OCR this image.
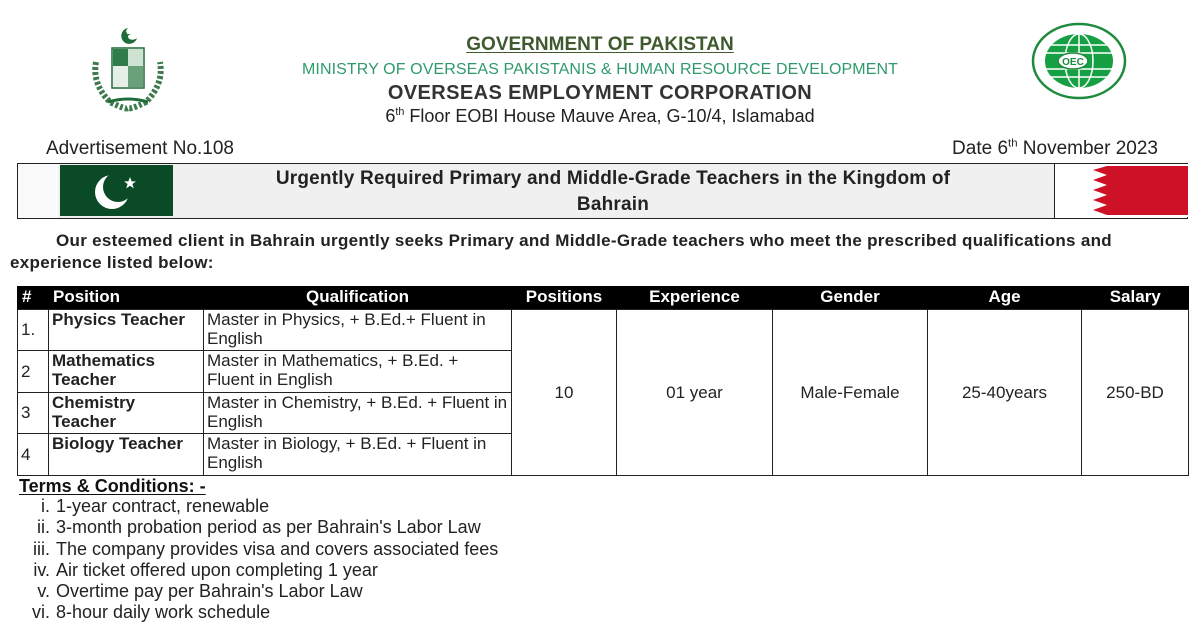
OEC
GOVERNMENT OF PAKISTAN
MINISTRY OF OVERSEAS PAKISTANIS & HUMAN RESOURCE DEVELOPMENT
OVERSEAS EMPLOYMENT CORPORATION
6th Floor EOBI House Mauve Area, G-10/4, Islamabad
Advertisement No.108	Date 6th November 2023
Urgently Required Primary and Middle-Grade Teachers in the Kingdom of
Bahrain
Our esteemed client in Bahrain urgently seeks Primary and Middle-Grade teachers who meet the prescribed qualifications and experience listed below:
#	Position	Qualification	Positions	Experience	Gender	Age	Salary
1.	Physics Teacher	Master in Physics, + B.Ed.+ Fluent in English	10	01 year	Male-Female	25-40years	250-BD
2	Mathematics Teacher	Master in Mathematics, + B.Ed. + Fluent in English					
3	Chemistry Teacher	Master in Chemistry, + B.Ed. + Fluent in English					
4	Biology Teacher	Master in Biology, + B.Ed. + Fluent in English					
Terms & Conditions: -
i. 1-year contract, renewable
ii. 3-month probation period as per Bahrain's Labor Law
iii. The company provides visa and covers associated fees
iv. Air ticket offered upon completing 1 year
v. Overtime pay per Bahrain's Labor Law
vi. 8-hour daily work schedule
